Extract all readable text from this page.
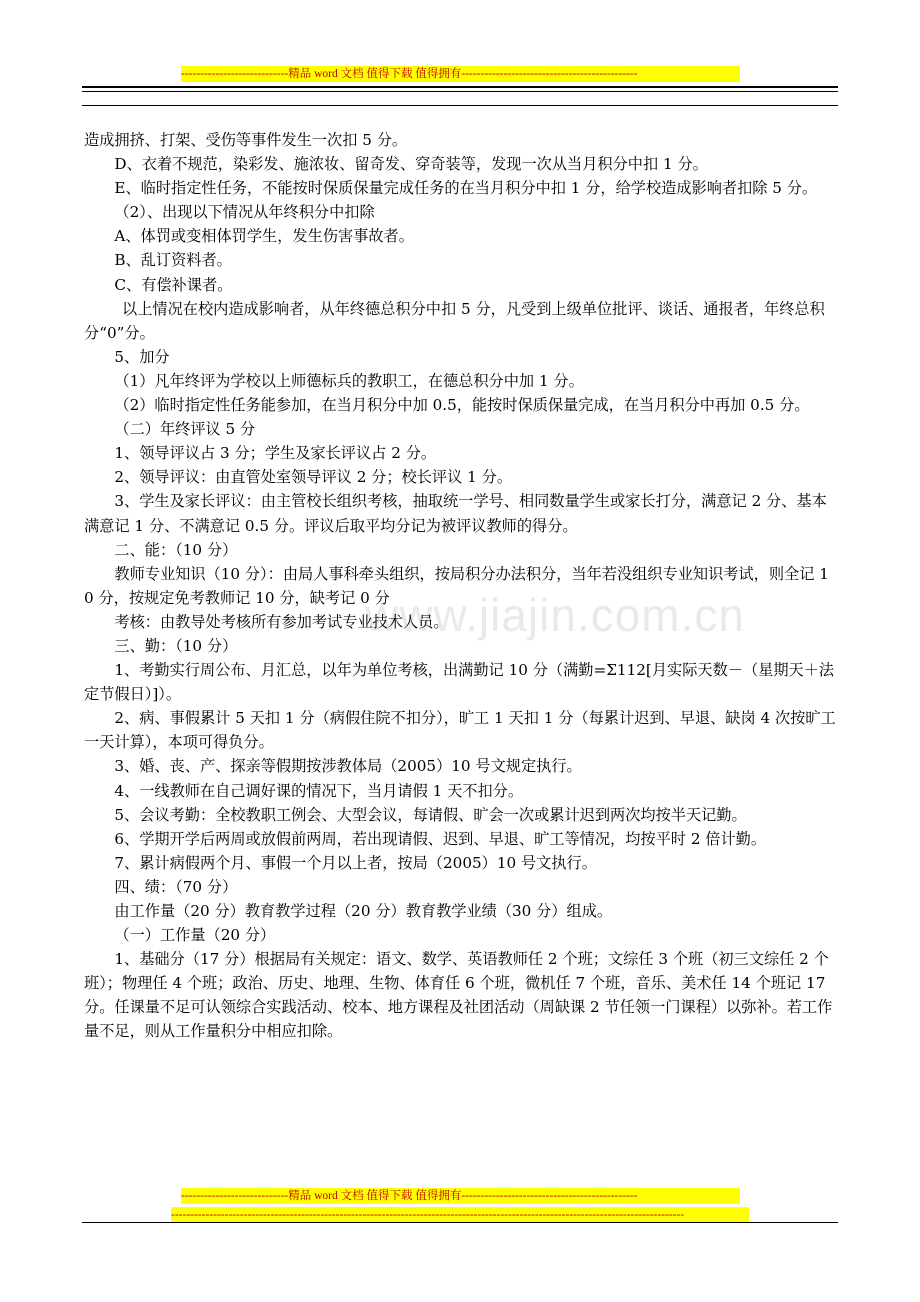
----------------------------精品 word 文档 值得下载 值得拥有----------------------------------------------
www.jiajin.com.cn

造成拥挤、打架、受伤等事件发生一次扣 5 分。

D、衣着不规范，染彩发、施浓妆、留奇发、穿奇装等，发现一次从当月积分中扣 1 分。

E、临时指定性任务，不能按时保质保量完成任务的在当月积分中扣 1 分，给学校造成影响者扣除 5 分。

（2）、出现以下情况从年终积分中扣除

A、体罚或变相体罚学生，发生伤害事故者。

B、乱订资料者。

C、有偿补课者。

以上情况在校内造成影响者，从年终德总积分中扣 5 分，凡受到上级单位批评、谈话、通报者，年终总积分“0”分。

5、加分

（1）凡年终评为学校以上师德标兵的教职工，在德总积分中加 1 分。

（2）临时指定性任务能参加，在当月积分中加 0.5，能按时保质保量完成，在当月积分中再加 0.5 分。

（二）年终评议 5 分

1、领导评议占 3 分；学生及家长评议占 2 分。

2、领导评议：由直管处室领导评议 2 分；校长评议 1 分。

3、学生及家长评议：由主管校长组织考核，抽取统一学号、相同数量学生或家长打分，满意记 2 分、基本满意记 1 分、不满意记 0.5 分。评议后取平均分记为被评议教师的得分。

二、能：（10 分）

教师专业知识（10 分）：由局人事科牵头组织，按局积分办法积分，当年若没组织专业知识考试，则全记 10 分，按规定免考教师记 10 分，缺考记 0 分

考核：由教导处考核所有参加考试专业技术人员。

三、勤：（10 分）

1、考勤实行周公布、月汇总，以年为单位考核，出满勤记 10 分（满勤=Σ112[月实际天数－（星期天＋法定节假日）]）。

2、病、事假累计 5 天扣 1 分（病假住院不扣分），旷工 1 天扣 1 分（每累计迟到、早退、缺岗 4 次按旷工一天计算），本项可得负分。

3、婚、丧、产、探亲等假期按涉教体局（2005）10 号文规定执行。

4、一线教师在自己调好课的情况下，当月请假 1 天不扣分。

5、会议考勤：全校教职工例会、大型会议，每请假、旷会一次或累计迟到两次均按半天记勤。

6、学期开学后两周或放假前两周，若出现请假、迟到、早退、旷工等情况，均按平时 2 倍计勤。

7、累计病假两个月、事假一个月以上者，按局（2005）10 号文执行。

四、绩：（70 分）

由工作量（20 分）教育教学过程（20 分）教育教学业绩（30 分）组成。

（一）工作量（20 分）

1、基础分（17 分）根据局有关规定：语文、数学、英语教师任 2 个班；文综任 3 个班（初三文综任 2 个班）；物理任 4 个班；政治、历史、地理、生物、体育任 6 个班，微机任 7 个班，音乐、美术任 14 个班记 17 分。任课量不足可认领综合实践活动、校本、地方课程及社团活动（周缺课 2 节任领一门课程）以弥补。若工作量不足，则从工作量积分中相应扣除。

----------------------------精品 word 文档 值得下载 值得拥有----------------------------------------------
--------------------------------------------------------------------------------------------------------------------------------------
